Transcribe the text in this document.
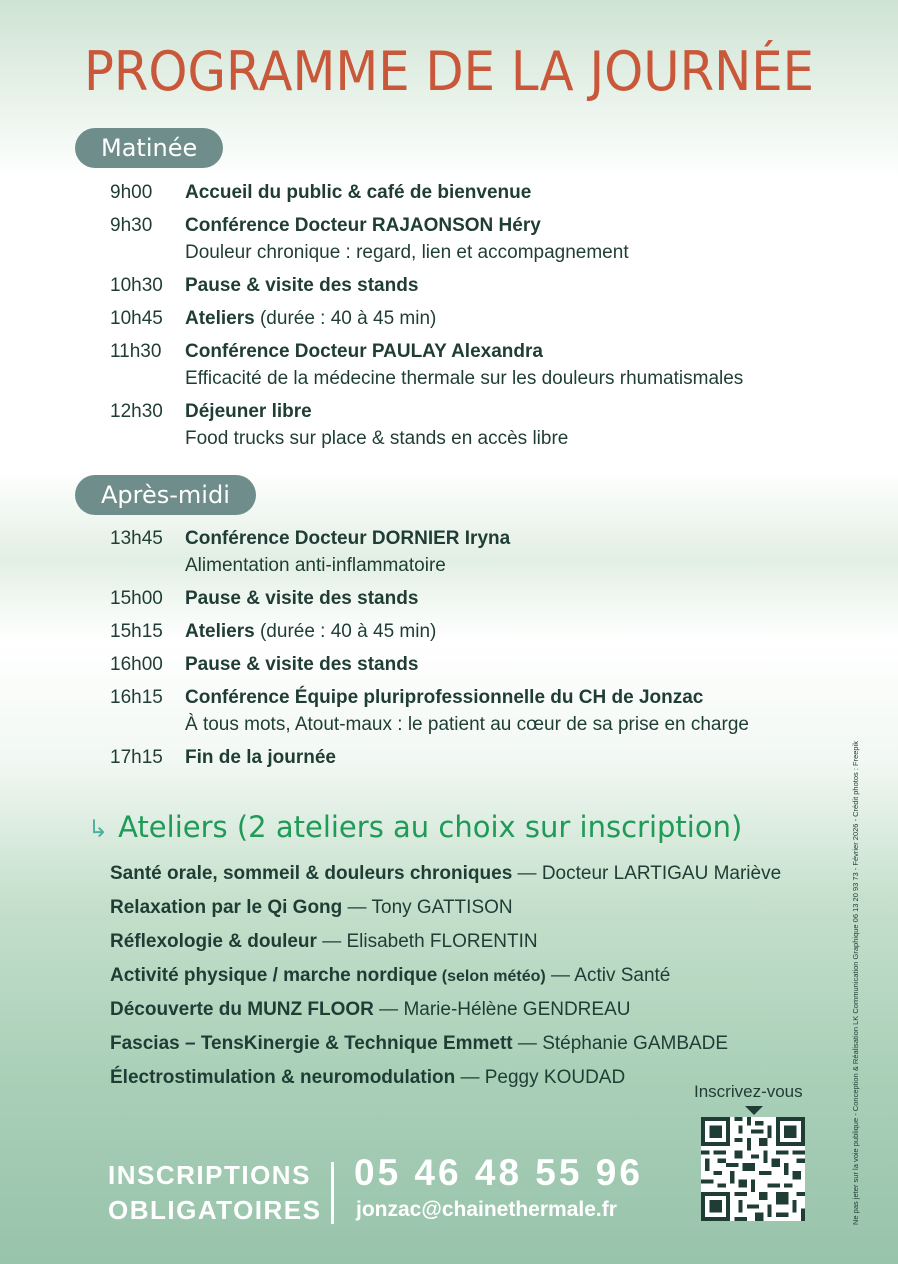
PROGRAMME DE LA JOURNÉE
Matinée
9h00	Accueil du public & café de bienvenue
9h30	Conférence Docteur RAJAONSON Héry
Douleur chronique : regard, lien et accompagnement
10h30	Pause & visite des stands
10h45	Ateliers (durée : 40 à 45 min)
11h30	Conférence Docteur PAULAY Alexandra
Efficacité de la médecine thermale sur les douleurs rhumatismales
12h30	Déjeuner libre
Food trucks sur place & stands en accès libre
Après-midi
13h45	Conférence Docteur DORNIER Iryna
Alimentation anti-inflammatoire
15h00	Pause & visite des stands
15h15	Ateliers (durée : 40 à 45 min)
16h00	Pause & visite des stands
16h15	Conférence Équipe pluriprofessionnelle du CH de Jonzac
À tous mots, Atout-maux : le patient au cœur de sa prise en charge
17h15	Fin de la journée
↳ Ateliers (2 ateliers au choix sur inscription)
Santé orale, sommeil & douleurs chroniques — Docteur LARTIGAU Mariève
Relaxation par le Qi Gong — Tony GATTISON
Réflexologie & douleur — Elisabeth FLORENTIN
Activité physique / marche nordique (selon météo) — Activ Santé
Découverte du MUNZ FLOOR — Marie-Hélène GENDREAU
Fascias – TensKinergie & Technique Emmett — Stéphanie GAMBADE
Électrostimulation & neuromodulation — Peggy KOUDAD
INSCRIPTIONS
OBLIGATOIRES
05 46 48 55 96
jonzac@chainethermale.fr
Inscrivez-vous	Ne pas jeter sur la voie publique - Conception & Réalisation LK Communication Graphique 06 13 20 93 73 - Février 2026 - Crédit photos : Freepik
